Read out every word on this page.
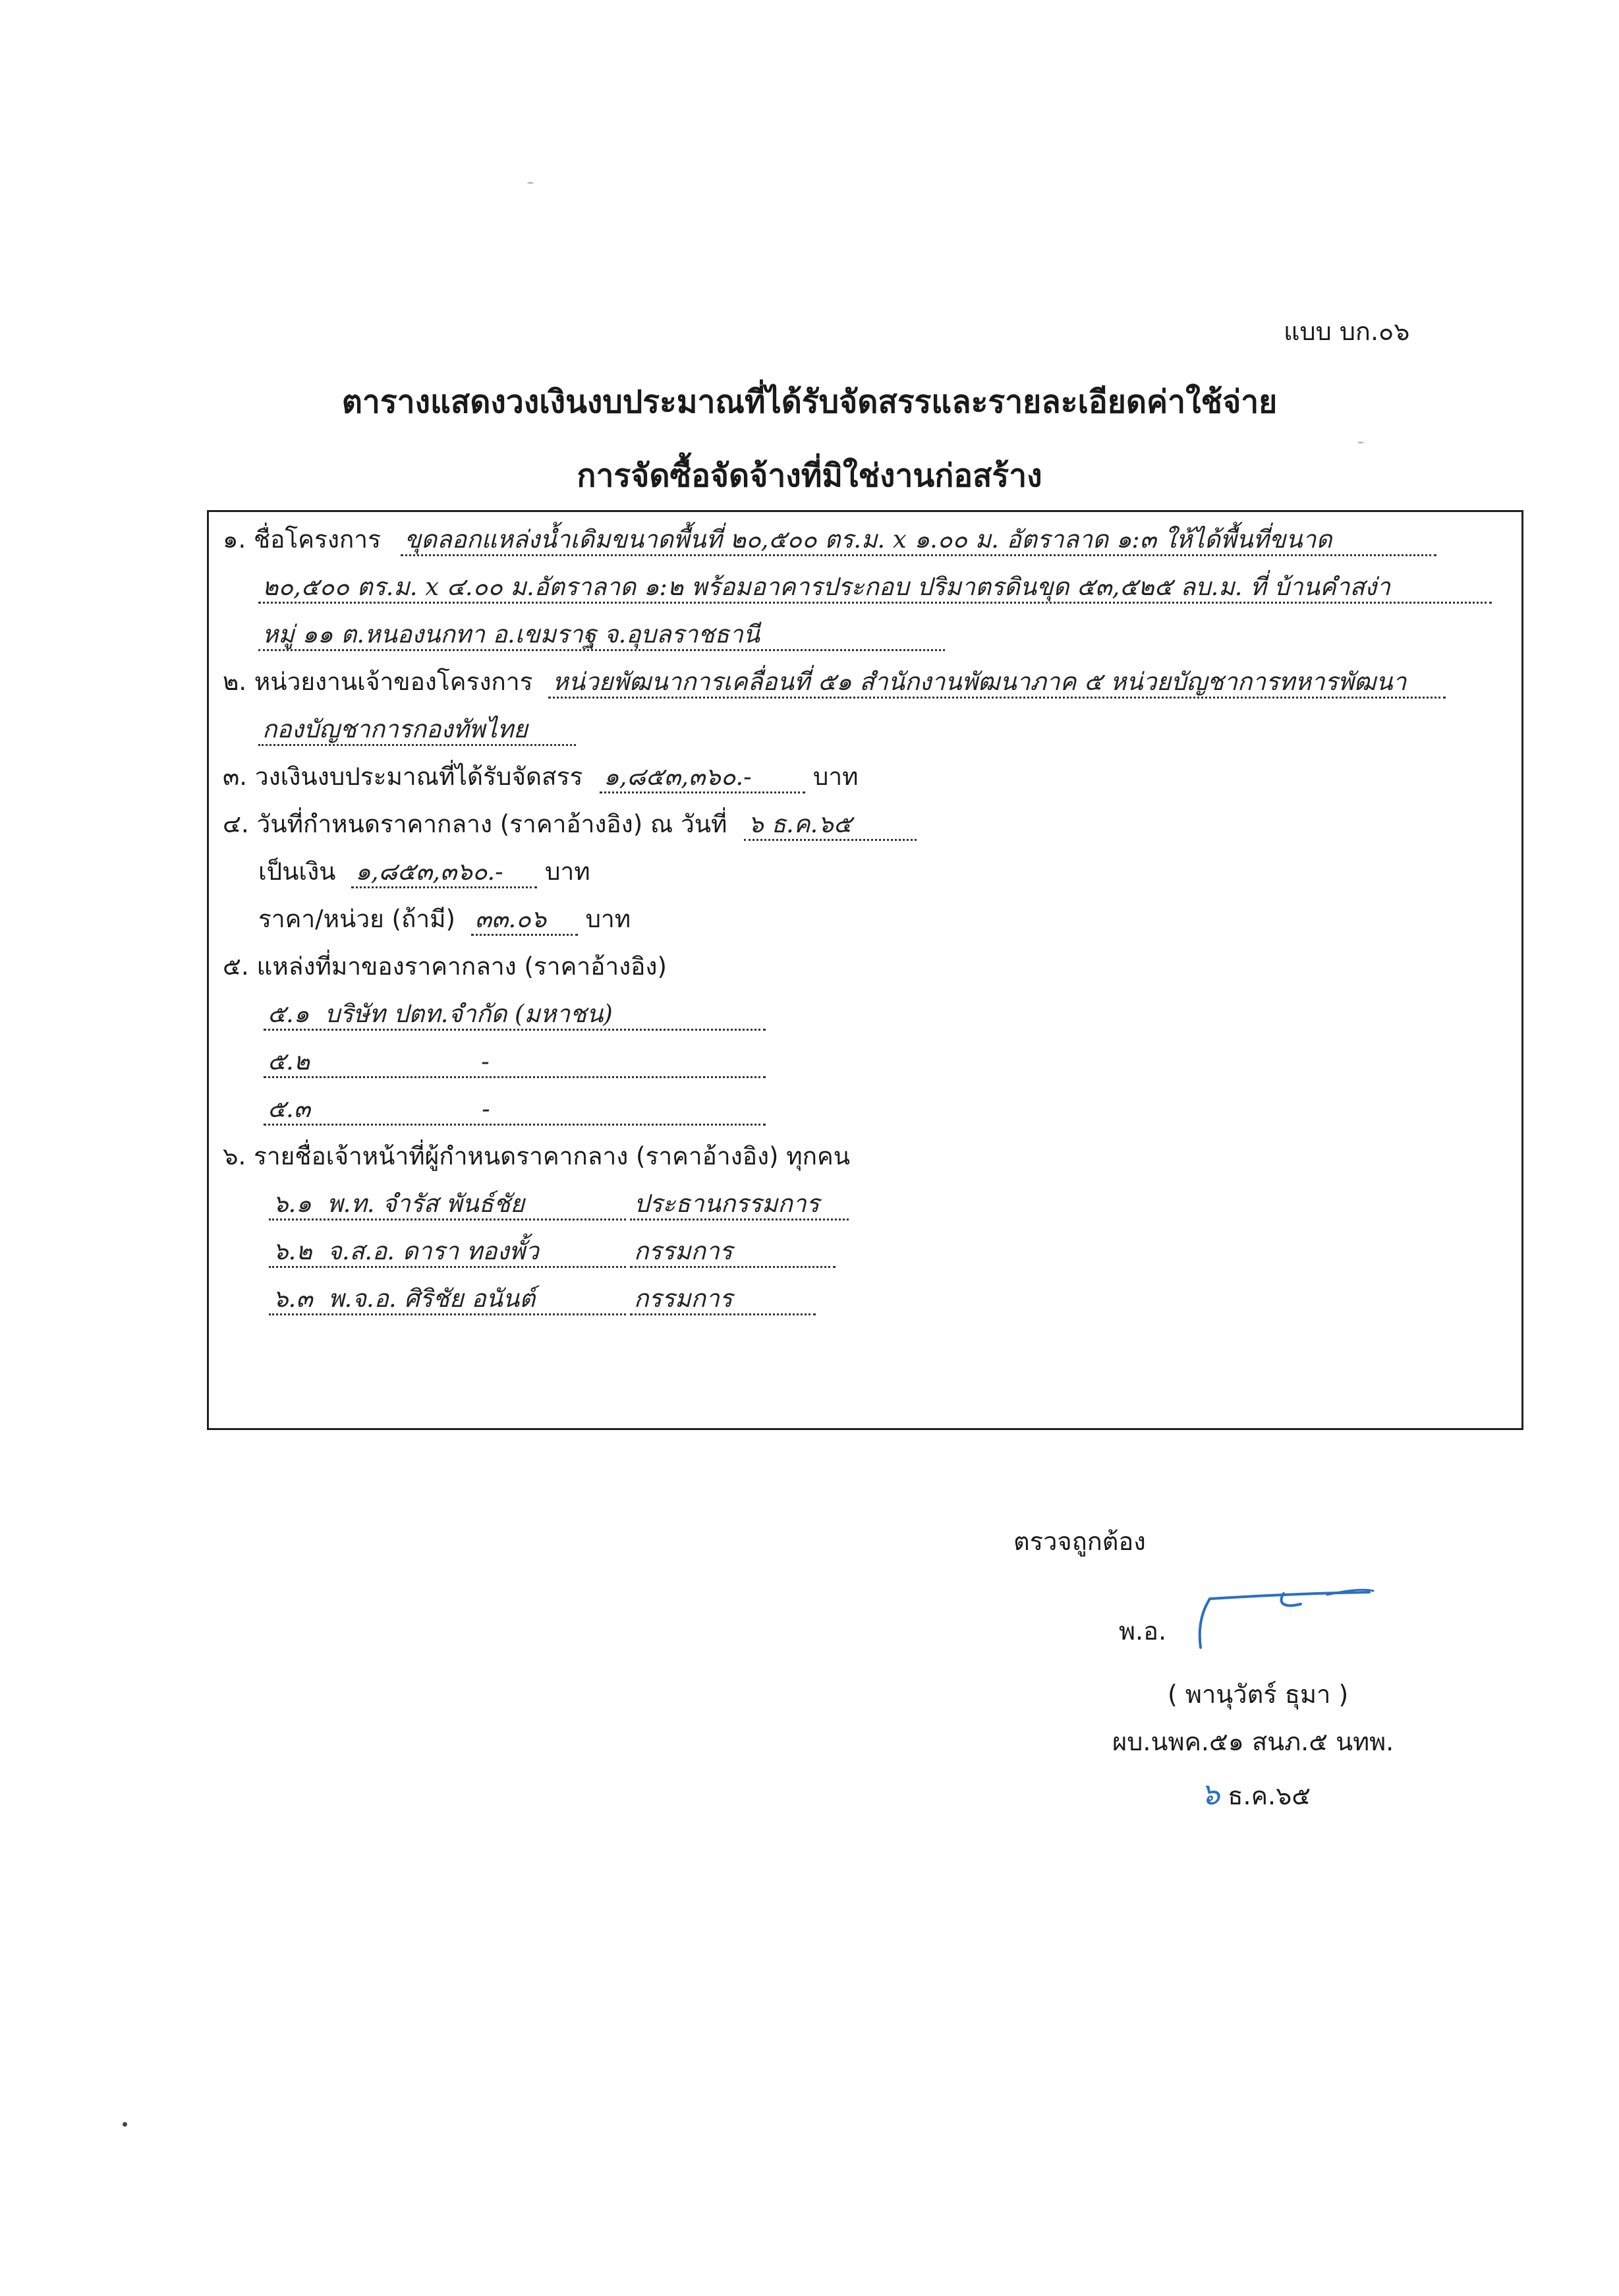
แบบ บก.๐๖
ตารางแสดงวงเงินงบประมาณที่ได้รับจัดสรรและรายละเอียดค่าใช้จ่าย
การจัดซื้อจัดจ้างที่มิใช่งานก่อสร้าง
๑. ชื่อโครงการ ขุดลอกแหล่งน้ำเดิมขนาดพื้นที่ ๒๐,๕๐๐ ตร.ม. x ๑.๐๐ ม. อัตราลาด ๑:๓ ให้ได้พื้นที่ขนาด
๒๐,๕๐๐ ตร.ม. x ๔.๐๐ ม.อัตราลาด ๑:๒ พร้อมอาคารประกอบ ปริมาตรดินขุด ๕๓,๕๒๕ ลบ.ม. ที่ บ้านคำสง่า
หมู่ ๑๑ ต.หนองนกทา อ.เขมราฐ จ.อุบลราชธานี
๒. หน่วยงานเจ้าของโครงการ หน่วยพัฒนาการเคลื่อนที่ ๕๑ สำนักงานพัฒนาภาค ๕ หน่วยบัญชาการทหารพัฒนา
กองบัญชาการกองทัพไทย
๓. วงเงินงบประมาณที่ได้รับจัดสรร ๑,๘๕๓,๓๖๐.-	บาท
๔. วันที่กำหนดราคากลาง (ราคาอ้างอิง) ณ วันที่ ๖ ธ.ค.๖๕
เป็นเงิน ๑,๘๕๓,๓๖๐.- บาท
ราคา/หน่วย (ถ้ามี) ๓๓.๐๖ บาท
๕. แหล่งที่มาของราคากลาง (ราคาอ้างอิง)
๕.๑ บริษัท ปตท.จำกัด (มหาชน)
๕.๒	-
๕.๓	-
๖. รายชื่อเจ้าหน้าที่ผู้กำหนดราคากลาง (ราคาอ้างอิง) ทุกคน
๖.๑ พ.ท. จำรัส พันธ์ชัย	ประธานกรรมการ
๖.๒ จ.ส.อ. ดารา ทองพั้ว	กรรมการ
๖.๓ พ.จ.อ. ศิริชัย อนันต์	กรรมการ
ตรวจถูกต้อง
พ.อ.
( พานุวัตร์ ธุมา )
ผบ.นพค.๕๑ สนภ.๕ นทพ.
๖ ธ.ค.๖๕
